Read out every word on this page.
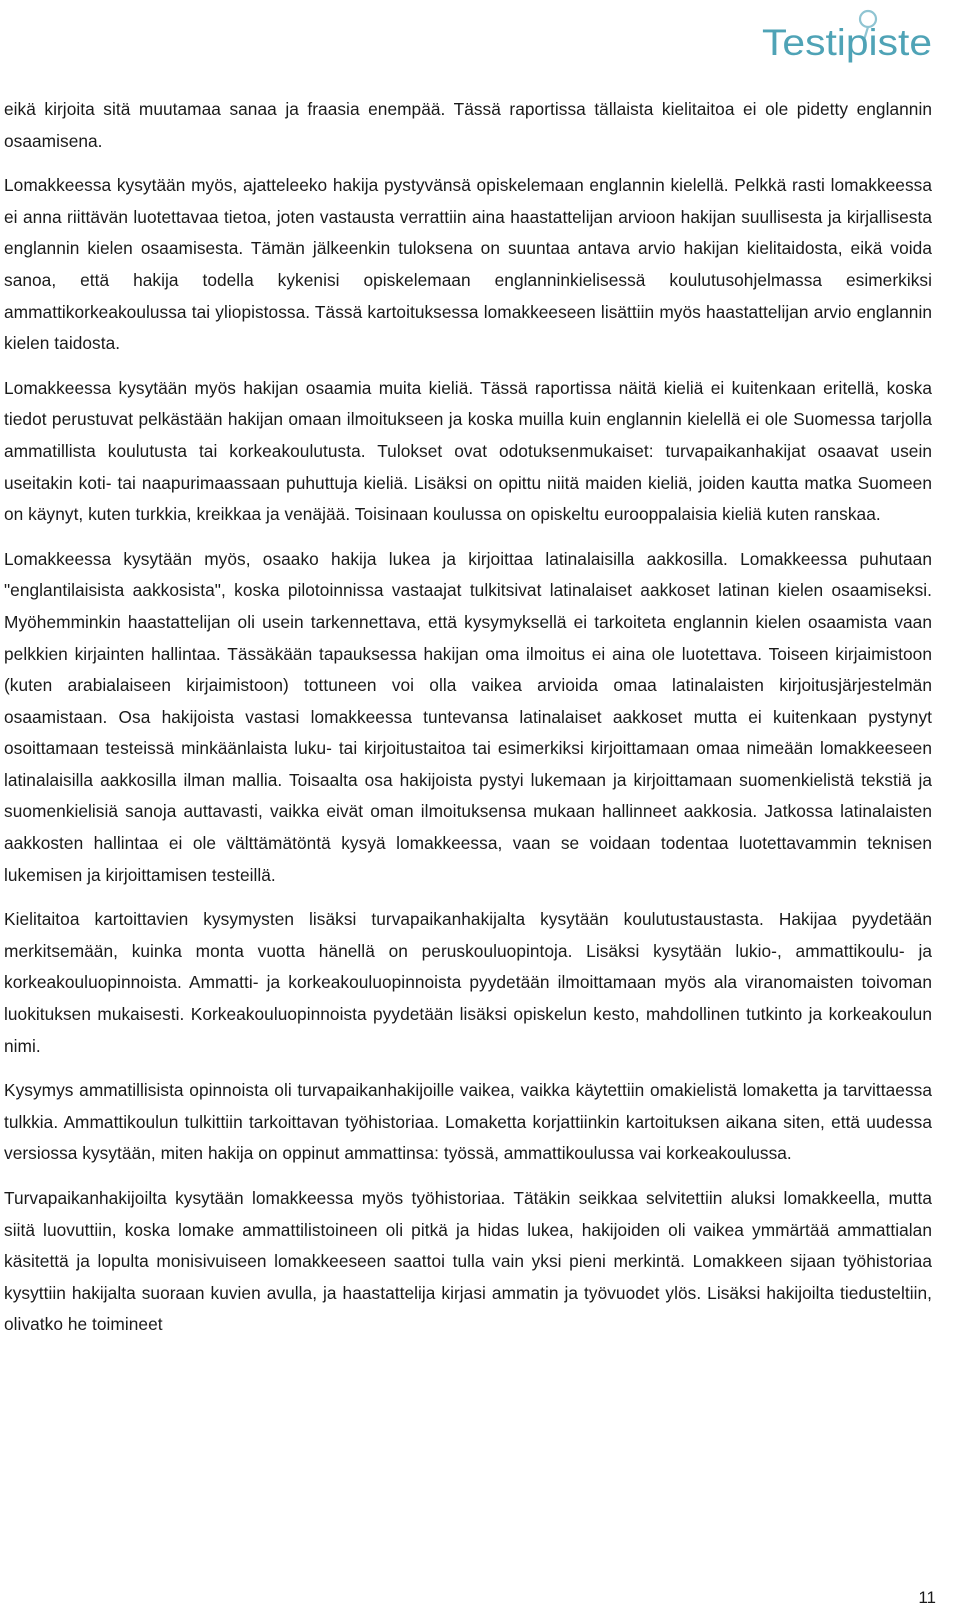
Testipiste

eikä kirjoita sitä muutamaa sanaa ja fraasia enempää. Tässä raportissa tällaista kielitaitoa ei ole pidetty englannin osaamisena.

Lomakkeessa kysytään myös, ajatteleeko hakija pystyvänsä opiskelemaan englannin kielellä. Pelkkä rasti lomakkeessa ei anna riittävän luotettavaa tietoa, joten vastausta verrattiin aina haastattelijan arvioon hakijan suullisesta ja kirjallisesta englannin kielen osaamisesta. Tämän jälkeenkin tuloksena on suuntaa antava arvio hakijan kielitaidosta, eikä voida sanoa, että hakija todella kykenisi opiskelemaan englanninkielisessä koulutusohjelmassa esimerkiksi ammattikorkeakoulussa tai yliopistossa. Tässä kartoituksessa lomakkeeseen lisättiin myös haastattelijan arvio englannin kielen taidosta.

Lomakkeessa kysytään myös hakijan osaamia muita kieliä. Tässä raportissa näitä kieliä ei kuitenkaan eritellä, koska tiedot perustuvat pelkästään hakijan omaan ilmoitukseen ja koska muilla kuin englannin kielellä ei ole Suomessa tarjolla ammatillista koulutusta tai korkeakoulutusta. Tulokset ovat odotuksenmukaiset: turvapaikanhakijat osaavat usein useitakin koti- tai naapurimaassaan puhuttuja kieliä. Lisäksi on opittu niitä maiden kieliä, joiden kautta matka Suomeen on käynyt, kuten turkkia, kreikkaa ja venäjää. Toisinaan koulussa on opiskeltu eurooppalaisia kieliä kuten ranskaa.

Lomakkeessa kysytään myös, osaako hakija lukea ja kirjoittaa latinalaisilla aakkosilla. Lomakkeessa puhutaan "englantilaisista aakkosista", koska pilotoinnissa vastaajat tulkitsivat latinalaiset aakkoset latinan kielen osaamiseksi. Myöhemminkin haastattelijan oli usein tarkennettava, että kysymyksellä ei tarkoiteta englannin kielen osaamista vaan pelkkien kirjainten hallintaa. Tässäkään tapauksessa hakijan oma ilmoitus ei aina ole luotettava. Toiseen kirjaimistoon (kuten arabialaiseen kirjaimistoon) tottuneen voi olla vaikea arvioida omaa latinalaisten kirjoitusjärjestelmän osaamistaan. Osa hakijoista vastasi lomakkeessa tuntevansa latinalaiset aakkoset mutta ei kuitenkaan pystynyt osoittamaan testeissä minkäänlaista luku- tai kirjoitustaitoa tai esimerkiksi kirjoittamaan omaa nimeään lomakkeeseen latinalaisilla aakkosilla ilman mallia. Toisaalta osa hakijoista pystyi lukemaan ja kirjoittamaan suomenkielistä tekstiä ja suomenkielisiä sanoja auttavasti, vaikka eivät oman ilmoituksensa mukaan hallinneet aakkosia. Jatkossa latinalaisten aakkosten hallintaa ei ole välttämätöntä kysyä lomakkeessa, vaan se voidaan todentaa luotettavammin teknisen lukemisen ja kirjoittamisen testeillä.

Kielitaitoa kartoittavien kysymysten lisäksi turvapaikanhakijalta kysytään koulutustaustasta. Hakijaa pyydetään merkitsemään, kuinka monta vuotta hänellä on peruskouluopintoja. Lisäksi kysytään lukio-, ammattikoulu- ja korkeakouluopinnoista. Ammatti- ja korkeakouluopinnoista pyydetään ilmoittamaan myös ala viranomaisten toivoman luokituksen mukaisesti. Korkeakouluopinnoista pyydetään lisäksi opiskelun kesto, mahdollinen tutkinto ja korkeakoulun nimi.

Kysymys ammatillisista opinnoista oli turvapaikanhakijoille vaikea, vaikka käytettiin omakielistä lomaketta ja tarvittaessa tulkkia. Ammattikoulun tulkittiin tarkoittavan työhistoriaa. Lomaketta korjattiinkin kartoituksen aikana siten, että uudessa versiossa kysytään, miten hakija on oppinut ammattinsa: työssä, ammattikoulussa vai korkeakoulussa.

Turvapaikanhakijoilta kysytään lomakkeessa myös työhistoriaa. Tätäkin seikkaa selvitettiin aluksi lomakkeella, mutta siitä luovuttiin, koska lomake ammattilistoineen oli pitkä ja hidas lukea, hakijoiden oli vaikea ymmärtää ammattialan käsitettä ja lopulta monisivuiseen lomakkeeseen saattoi tulla vain yksi pieni merkintä. Lomakkeen sijaan työhistoriaa kysyttiin hakijalta suoraan kuvien avulla, ja haastattelija kirjasi ammatin ja työvuodet ylös. Lisäksi hakijoilta tiedusteltiin, olivatko he toimineet

11
